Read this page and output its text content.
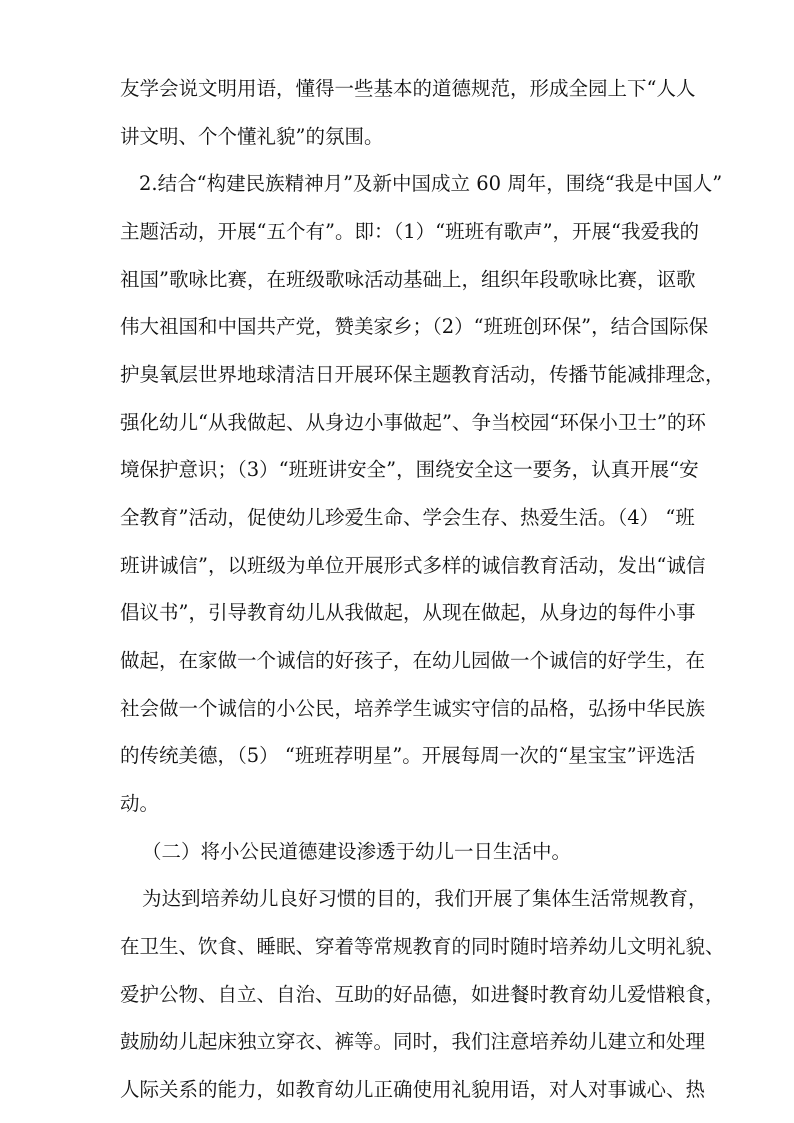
友学会说文明用语，懂得一些基本的道德规范，形成全园上下“人人
讲文明、个个懂礼貌”的氛围。
2.结合“构建民族精神月”及新中国成立 60 周年，围绕“我是中国人”
主题活动，开展“五个有”。即：（1）“班班有歌声”，开展“我爱我的
祖国”歌咏比赛，在班级歌咏活动基础上，组织年段歌咏比赛，讴歌
伟大祖国和中国共产党，赞美家乡；（2）“班班创环保”，结合国际保
护臭氧层世界地球清洁日开展环保主题教育活动，传播节能减排理念，
强化幼儿“从我做起、从身边小事做起”、争当校园“环保小卫士”的环
境保护意识；（3）“班班讲安全”，围绕安全这一要务，认真开展“安
全教育”活动，促使幼儿珍爱生命、学会生存、热爱生活。（4） “班
班讲诚信”，以班级为单位开展形式多样的诚信教育活动，发出“诚信
倡议书”，引导教育幼儿从我做起，从现在做起，从身边的每件小事
做起，在家做一个诚信的好孩子，在幼儿园做一个诚信的好学生，在
社会做一个诚信的小公民，培养学生诚实守信的品格，弘扬中华民族
的传统美德，（5） “班班荐明星”。开展每周一次的“星宝宝”评选活
动。
（二）将小公民道德建设渗透于幼儿一日生活中。
为达到培养幼儿良好习惯的目的，我们开展了集体生活常规教育，
在卫生、饮食、睡眠、穿着等常规教育的同时随时培养幼儿文明礼貌、
爱护公物、自立、自治、互助的好品德，如进餐时教育幼儿爱惜粮食，
鼓励幼儿起床独立穿衣、裤等。同时，我们注意培养幼儿建立和处理
人际关系的能力，如教育幼儿正确使用礼貌用语，对人对事诚心、热
